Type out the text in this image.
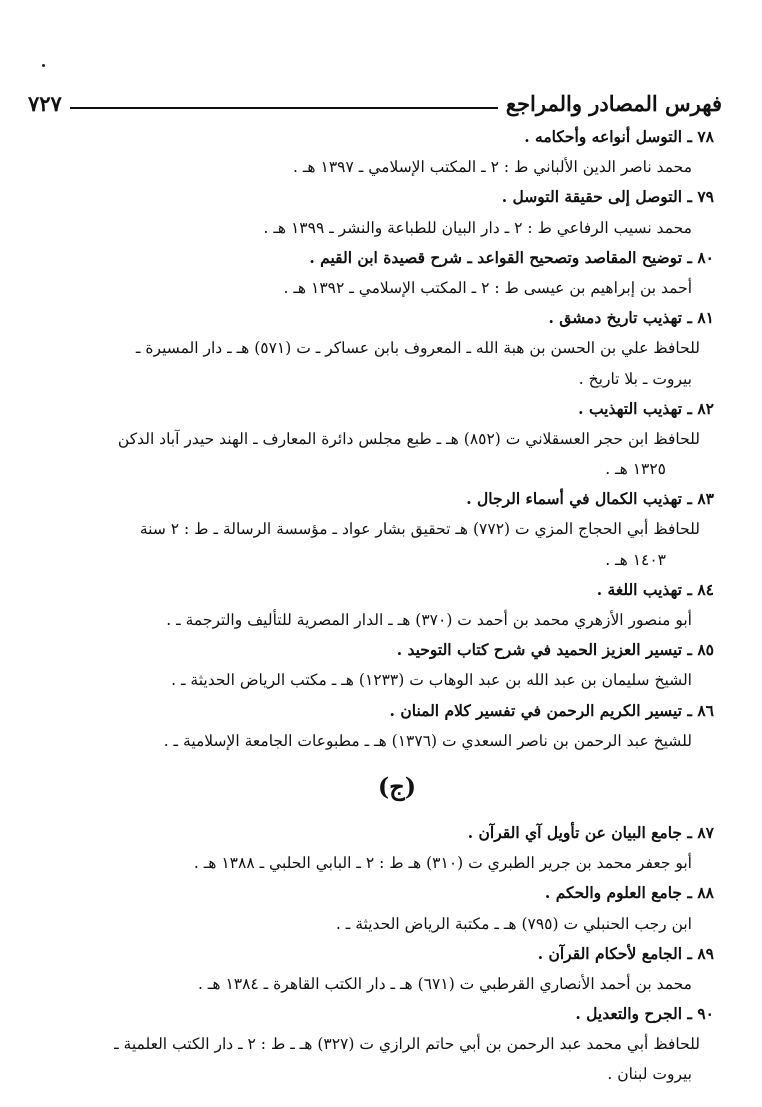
فهرس المصادر والمراجع
٧٢٧
٧٨ ـ التوسل أنواعه وأحكامه .
محمد ناصر الدين الألباني ط : ٢ ـ المكتب الإسلامي ـ ١٣٩٧ هـ .
٧٩ ـ التوصل إلى حقيقة التوسل .
محمد نسيب الرفاعي ط : ٢ ـ دار البيان للطباعة والنشر ـ ١٣٩٩ هـ .
٨٠ ـ توضيح المقاصد وتصحيح القواعد ـ شرح قصيدة ابن القيم .
أحمد بن إبراهيم بن عيسى ط : ٢ ـ المكتب الإسلامي ـ ١٣٩٢ هـ .
٨١ ـ تهذيب تاريخ دمشق .
للحافظ علي بن الحسن بن هبة الله ـ المعروف بابن عساكر ـ ت (٥٧١) هـ ـ دار المسيرة ـ
بيروت ـ بلا تاريخ .
٨٢ ـ تهذيب التهذيب .
للحافظ ابن حجر العسقلاني ت (٨٥٢) هـ ـ طبع مجلس دائرة المعارف ـ الهند حيدر آباد الدكن
١٣٢٥ هـ .
٨٣ ـ تهذيب الكمال في أسماء الرجال .
للحافظ أبي الحجاج المزي ت (٧٧٢) هـ تحقيق بشار عواد ـ مؤسسة الرسالة ـ ط : ٢ سنة
١٤٠٣ هـ .
٨٤ ـ تهذيب اللغة .
أبو منصور الأزهري محمد بن أحمد ت (٣٧٠) هـ ـ الدار المصرية للتأليف والترجمة ـ .
٨٥ ـ تيسير العزيز الحميد في شرح كتاب التوحيد .
الشيخ سليمان بن عبد الله بن عبد الوهاب ت (١٢٣٣) هـ ـ مكتب الرياض الحديثة ـ .
٨٦ ـ تيسير الكريم الرحمن في تفسير كلام المنان .
للشيخ عبد الرحمن بن ناصر السعدي ت (١٣٧٦) هـ ـ مطبوعات الجامعة الإسلامية ـ .
(ج)
٨٧ ـ جامع البيان عن تأويل آي القرآن .
أبو جعفر محمد بن جرير الطبري ت (٣١٠) هـ ط : ٢ ـ البابي الحلبي ـ ١٣٨٨ هـ .
٨٨ ـ جامع العلوم والحكم .
ابن رجب الحنبلي ت (٧٩٥) هـ ـ مكتبة الرياض الحديثة ـ .
٨٩ ـ الجامع لأحكام القرآن .
محمد بن أحمد الأنصاري القرطبي ت (٦٧١) هـ ـ دار الكتب القاهرة ـ ١٣٨٤ هـ .
٩٠ ـ الجرح والتعديل .
للحافظ أبي محمد عبد الرحمن بن أبي حاتم الرازي ت (٣٢٧) هـ ـ ط : ٢ ـ دار الكتب العلمية ـ
بيروت لبنان .
